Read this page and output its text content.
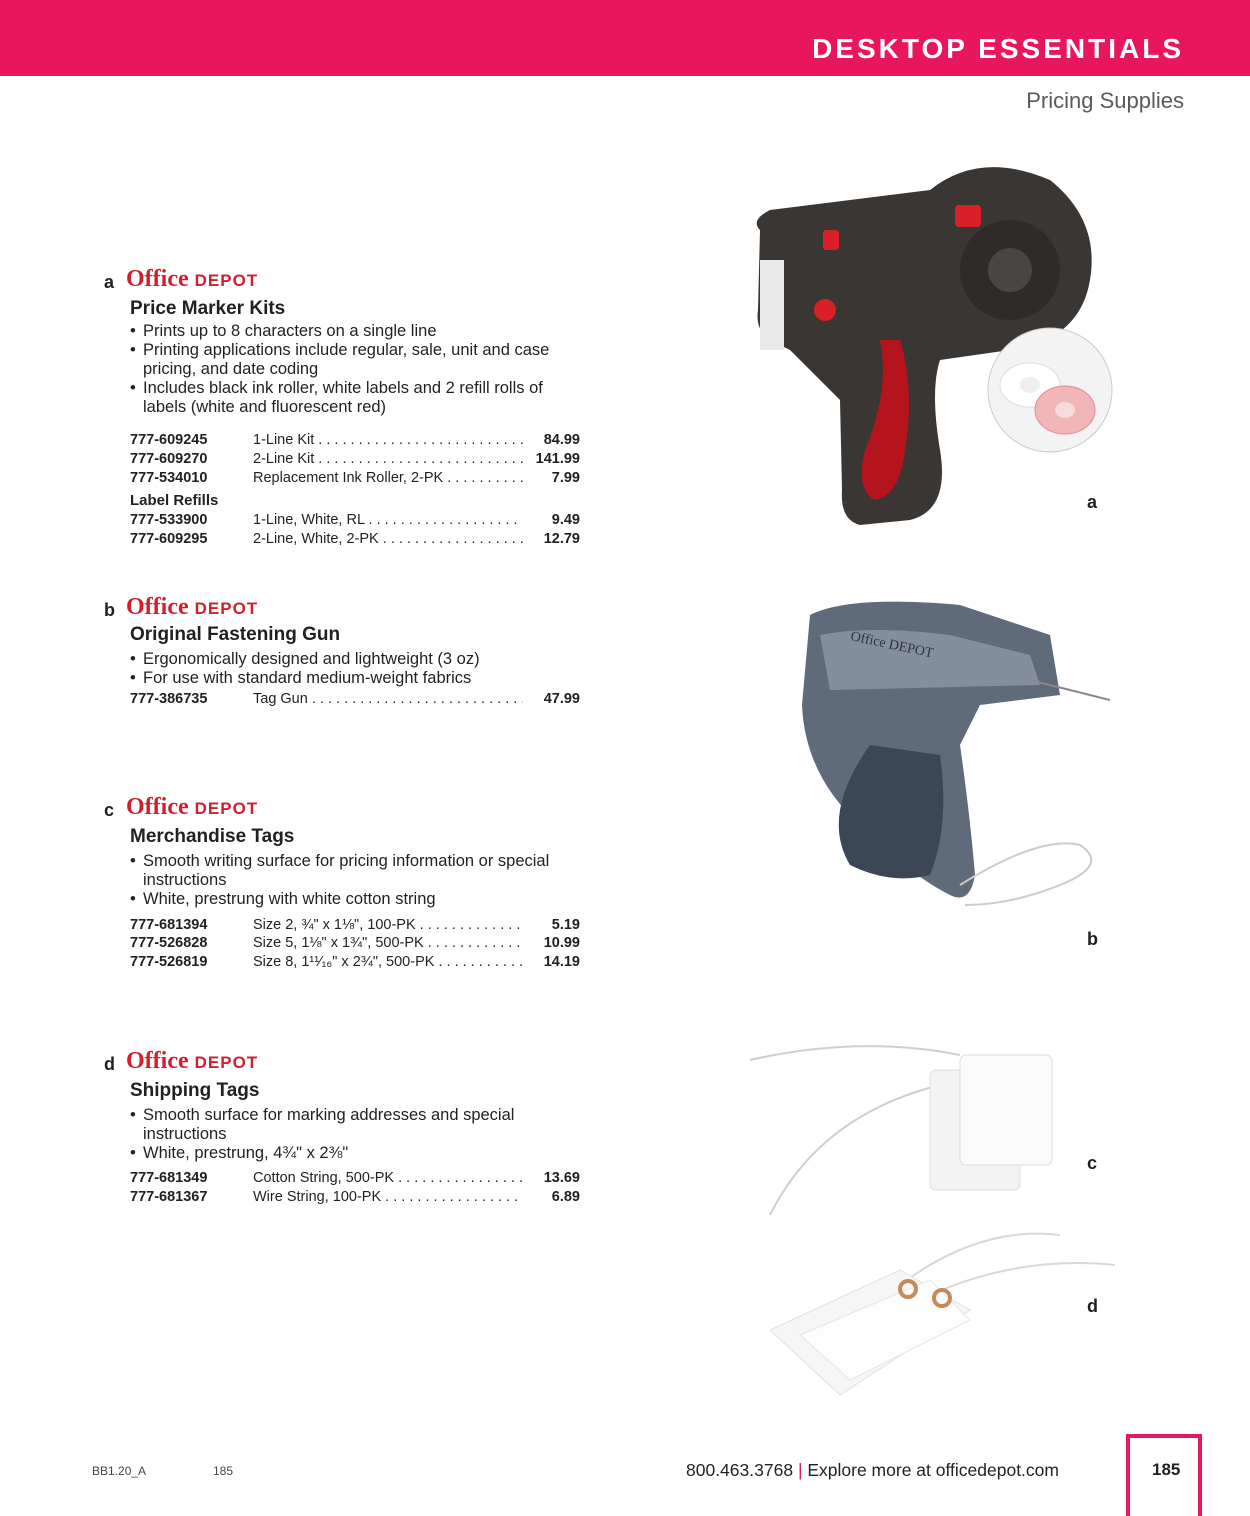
DESKTOP ESSENTIALS
Pricing Supplies
a Office DEPOT
Price Marker Kits
• Prints up to 8 characters on a single line
• Printing applications include regular, sale, unit and case pricing, and date coding
• Includes black ink roller, white labels and 2 refill rolls of labels (white and fluorescent red)
777-609245	1-Line Kit . . .	84.99
777-609270	2-Line Kit . . .	141.99
777-534010	Replacement Ink Roller, 2-PK . . .	7.99
Label Refills
777-533900	1-Line, White, RL . . .	9.49
777-609295	2-Line, White, 2-PK . . .	12.79
b Office DEPOT
Original Fastening Gun
• Ergonomically designed and lightweight (3 oz)
• For use with standard medium-weight fabrics
777-386735	Tag Gun . . .	47.99
c Office DEPOT
Merchandise Tags
• Smooth writing surface for pricing information or special instructions
• White, prestrung with white cotton string
777-681394	Size 2, ¾" x 1⅛", 100-PK . . .	5.19
777-526828	Size 5, 1⅛" x 1¾", 500-PK . . .	10.99
777-526819	Size 8, 1¹¹⁄₁₆" x 2¾", 500-PK . . .	14.19
d Office DEPOT
Shipping Tags
• Smooth surface for marking addresses and special instructions
• White, prestrung, 4¾" x 2⅜"
777-681349	Cotton String, 500-PK . . .	13.69
777-681367	Wire String, 100-PK . . .	6.89
Office DEPOT
a
b
c
d
BB1.20_A	185	800.463.3768 | Explore more at officedepot.com	185
